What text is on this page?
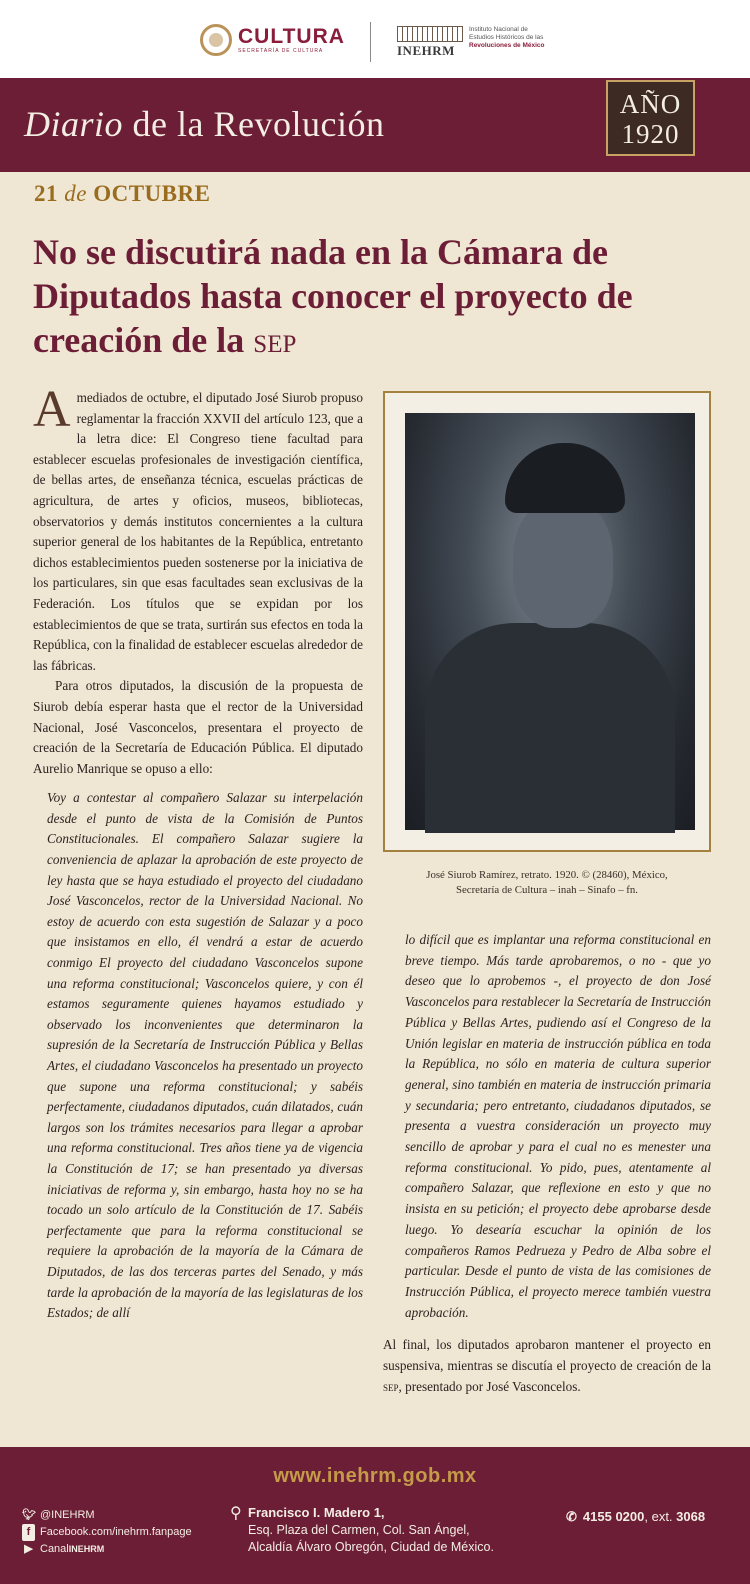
CULTURA
SECRETARÍA DE CULTURA	INEHRM
Instituto Nacional de
Estudios Históricos de las
Revoluciones de México
Diario de la Revolución	AÑO
1920
21 de OCTUBRE
No se discutirá nada en la Cámara de Diputados hasta conocer el proyecto de creación de la sep

Amediados de octubre, el diputado José Siurob propuso reglamentar la fracción XXVII del artículo 123, que a la letra dice: El Congreso tiene facultad para establecer escuelas profesionales de investigación científica, de bellas artes, de enseñanza técnica, escuelas prácticas de agricultura, de artes y oficios, museos, bibliotecas, observatorios y demás institutos concernientes a la cultura superior general de los habitantes de la República, entretanto dichos establecimientos pueden sostenerse por la iniciativa de los particulares, sin que esas facultades sean exclusivas de la Federación. Los títulos que se expidan por los establecimientos de que se trata, surtirán sus efectos en toda la República, con la finalidad de establecer escuelas alrededor de las fábricas.

Para otros diputados, la discusión de la propuesta de Siurob debía esperar hasta que el rector de la Universidad Nacional, José Vasconcelos, presentara el proyecto de creación de la Secretaría de Educación Pública. El diputado Aurelio Manrique se opuso a ello:

Voy a contestar al compañero Salazar su interpelación desde el punto de vista de la Comisión de Puntos Constitucionales. El compañero Salazar sugiere la conveniencia de aplazar la aprobación de este proyecto de ley hasta que se haya estudiado el proyecto del ciudadano José Vasconcelos, rector de la Universidad Nacional. No estoy de acuerdo con esta sugestión de Salazar y a poco que insistamos en ello, él vendrá a estar de acuerdo conmigo El proyecto del ciudadano Vasconcelos supone una reforma constitucional; Vasconcelos quiere, y con él estamos seguramente quienes hayamos estudiado y observado los inconvenientes que determinaron la supresión de la Secretaría de Instrucción Pública y Bellas Artes, el ciudadano Vasconcelos ha presentado un proyecto que supone una reforma constitucional; y sabéis perfectamente, ciudadanos diputados, cuán dilatados, cuán largos son los trámites necesarios para llegar a aprobar una reforma constitucional. Tres años tiene ya de vigencia la Constitución de 17; se han presentado ya diversas iniciativas de reforma y, sin embargo, hasta hoy no se ha tocado un solo artículo de la Constitución de 17. Sabéis perfectamente que para la reforma constitucional se requiere la aprobación de la mayoría de la Cámara de Diputados, de las dos terceras partes del Senado, y más tarde la aprobación de la mayoría de las legislaturas de los Estados; de allí

José Siurob Ramírez, retrato. 1920. © (28460), México,
Secretaría de Cultura – inah – Sinafo – fn.

lo difícil que es implantar una reforma constitucional en breve tiempo. Más tarde aprobaremos, o no - que yo deseo que lo aprobemos -, el proyecto de don José Vasconcelos para restablecer la Secretaría de Instrucción Pública y Bellas Artes, pudiendo así el Congreso de la Unión legislar en materia de instrucción pública en toda la República, no sólo en materia de cultura superior general, sino también en materia de instrucción primaria y secundaria; pero entretanto, ciudadanos diputados, se presenta a vuestra consideración un proyecto muy sencillo de aprobar y para el cual no es menester una reforma constitucional. Yo pido, pues, atentamente al compañero Salazar, que reflexione en esto y que no insista en su petición; el proyecto debe aprobarse desde luego. Yo desearía escuchar la opinión de los compañeros Ramos Pedrueza y Pedro de Alba sobre el particular. Desde el punto de vista de las comisiones de Instrucción Pública, el proyecto merece también vuestra aprobación.

Al final, los diputados aprobaron mantener el proyecto en suspensiva, mientras se discutía el proyecto de creación de la sep, presentado por José Vasconcelos.

www.inehrm.gob.mx
🐦︎ @INEHRM
f Facebook.com/inehrm.fanpage
▶ Canal INEHRM
⚲ Francisco I. Madero 1,
Esq. Plaza del Carmen, Col. San Ángel,
Alcaldía Álvaro Obregón, Ciudad de México.
✆ 4155 0200, ext. 3068
